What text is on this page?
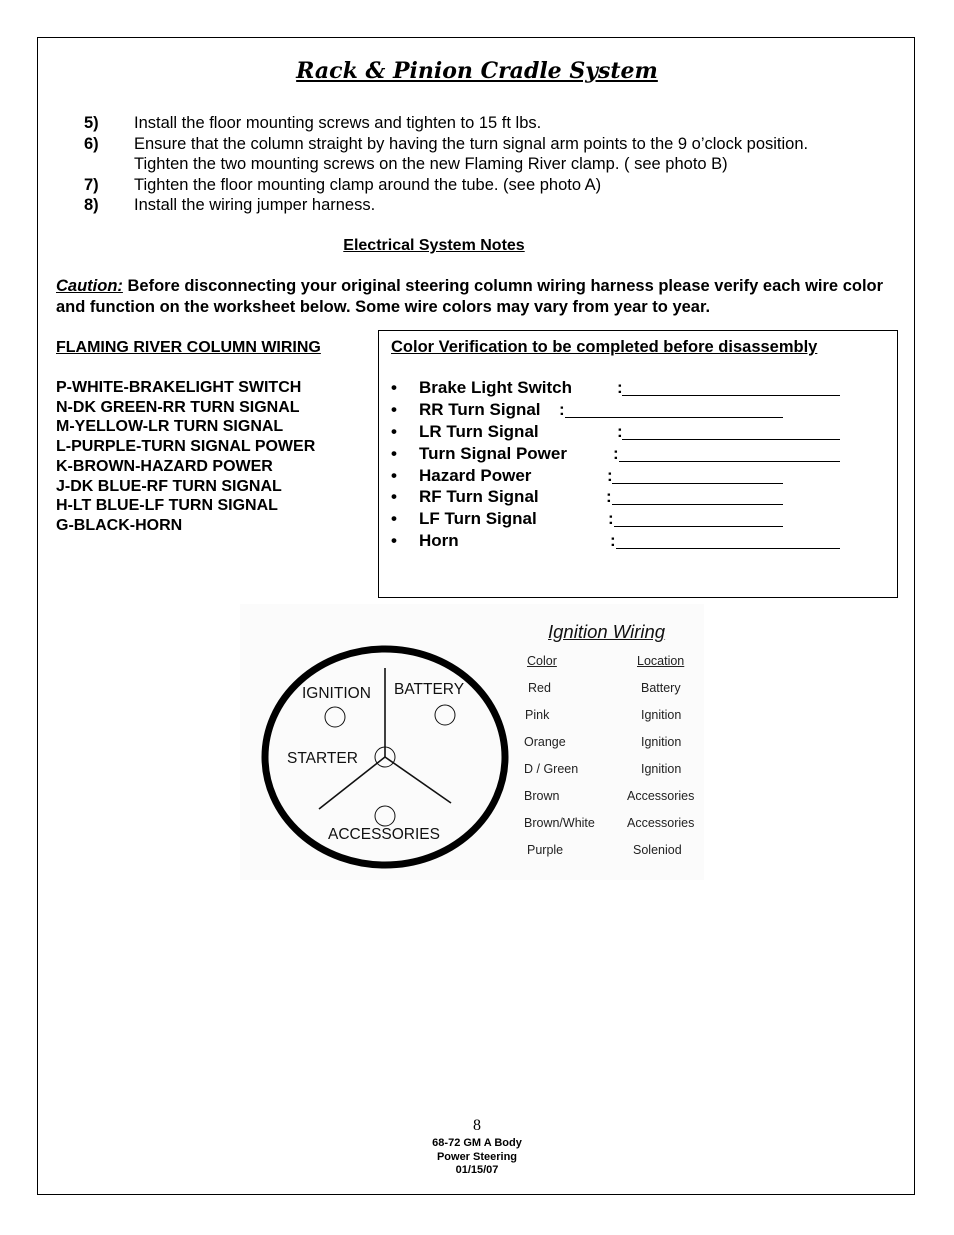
Rack & Pinion Cradle System
5)	Install the floor mounting screws and tighten to 15 ft lbs.
6)	Ensure that the column straight by having the turn signal arm points to the 9 o’clock position.
Tighten the two mounting screws on the new Flaming River clamp. ( see photo B)
7)	Tighten the floor mounting clamp around the tube. (see photo A)
8)	Install the wiring jumper harness.
Electrical System Notes
Caution: Before disconnecting your original steering column wiring harness please verify each wire color and function on the worksheet below. Some wire colors may vary from year to year.
FLAMING RIVER COLUMN WIRING
P-WHITE-BRAKELIGHT SWITCH
N-DK GREEN-RR TURN SIGNAL
M-YELLOW-LR TURN SIGNAL
L-PURPLE-TURN SIGNAL POWER
K-BROWN-HAZARD POWER
J-DK BLUE-RF TURN SIGNAL
H-LT BLUE-LF TURN SIGNAL
G-BLACK-HORN
Color Verification to be completed before disassembly
• Brake Light Switch	:
• RR Turn Signal :
• LR Turn Signal	:
• Turn Signal Power	:
• Hazard Power	:
• RF Turn Signal	:
• LF Turn Signal	:
• Horn	:
IGNITION BATTERY
STARTER
ACCESSORIES
Ignition Wiring
Color	Location
Red	Battery
Pink	Ignition
Orange	Ignition
D / Green	Ignition
Brown	Accessories
Brown/White	Accessories
Purple	Soleniod
8
68-72 GM A Body
Power Steering
01/15/07
